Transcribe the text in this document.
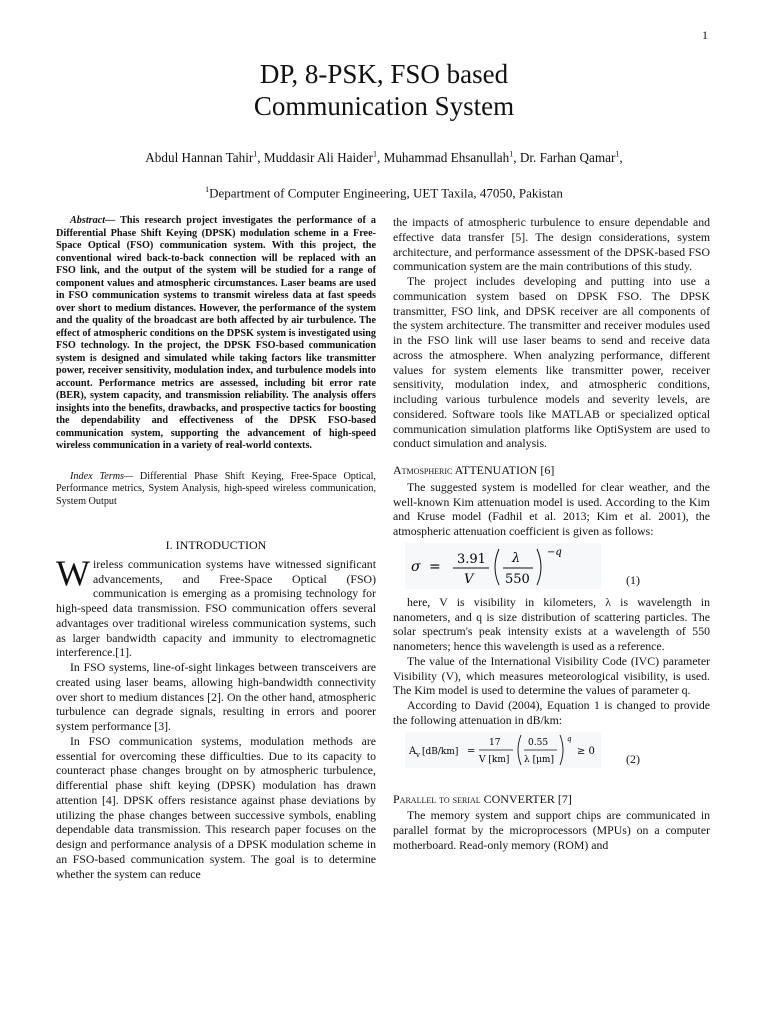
1
DP, 8-PSK, FSO based
Communication System
Abdul Hannan Tahir$^1$, Muddasir Ali Haider$^1$, Muhammad Ehsanullah$^1$, Dr. Farhan Qamar$^1$,
$^1$Department of Computer Engineering, UET Taxila, 47050, Pakistan

Abstract— This research project investigates the performance of a Differential Phase Shift Keying (DPSK) modulation scheme in a Free-Space Optical (FSO) communication system. With this project, the conventional wired back-to-back connection will be replaced with an FSO link, and the output of the system will be studied for a range of component values and atmospheric circumstances. Laser beams are used in FSO communication systems to transmit wireless data at fast speeds over short to medium distances. However, the performance of the system and the quality of the broadcast are both affected by air turbulence. The effect of atmospheric conditions on the DPSK system is investigated using FSO technology. In the project, the DPSK FSO-based communication system is designed and simulated while taking factors like transmitter power, receiver sensitivity, modulation index, and turbulence models into account. Performance metrics are assessed, including bit error rate (BER), system capacity, and transmission reliability. The analysis offers insights into the benefits, drawbacks, and prospective tactics for boosting the dependability and effectiveness of the DPSK FSO-based communication system, supporting the advancement of high-speed wireless communication in a variety of real-world contexts.

Index Terms— Differential Phase Shift Keying, Free-Space Optical, Performance metrics, System Analysis, high-speed wireless communication, System Output

I. INTRODUCTION

Wireless communication systems have witnessed significant advancements, and Free-Space Optical (FSO) communication is emerging as a promising technology for high-speed data transmission. FSO communication offers several advantages over traditional wireless communication systems, such as larger bandwidth capacity and immunity to electromagnetic interference.[1].

In FSO systems, line-of-sight linkages between transceivers are created using laser beams, allowing high-bandwidth connectivity over short to medium distances [2]. On the other hand, atmospheric turbulence can degrade signals, resulting in errors and poorer system performance [3].

In FSO communication systems, modulation methods are essential for overcoming these difficulties. Due to its capacity to counteract phase changes brought on by atmospheric turbulence, differential phase shift keying (DPSK) modulation has drawn attention [4]. DPSK offers resistance against phase deviations by utilizing the phase changes between successive symbols, enabling dependable data transmission. This research paper focuses on the design and performance analysis of a DPSK modulation scheme in an FSO-based communication system. The goal is to determine whether the system can reduce

the impacts of atmospheric turbulence to ensure dependable and effective data transfer [5]. The design considerations, system architecture, and performance assessment of the DPSK-based FSO communication system are the main contributions of this study.

The project includes developing and putting into use a communication system based on DPSK FSO. The DPSK transmitter, FSO link, and DPSK receiver are all components of the system architecture. The transmitter and receiver modules used in the FSO link will use laser beams to send and receive data across the atmosphere. When analyzing performance, different values for system elements like transmitter power, receiver sensitivity, modulation index, and atmospheric conditions, including various turbulence models and severity levels, are considered. Software tools like MATLAB or specialized optical communication simulation platforms like OptiSystem are used to conduct simulation and analysis.

Atmospheric ATTENUATION [6]

The suggested system is modelled for clear weather, and the well-known Kim attenuation model is used. According to the Kim and Kruse model (Fadhil et al. 2013; Kim et al. 2001), the atmospheric attenuation coefficient is given as follows:

σ = 3.91
V
λ
550
−q
(1)

here, V is visibility in kilometers, λ is wavelength in nanometers, and q is size distribution of scattering particles. The solar spectrum's peak intensity exists at a wavelength of 550 nanometers; hence this wavelength is used as a reference.

The value of the International Visibility Code (IVC) parameter Visibility (V), which measures meteorological visibility, is used. The Kim model is used to determine the values of parameter q.

According to David (2004), Equation 1 is changed to provide the following attenuation in dB/km:

A v [dB/km] =
17
V [km]
0.55
λ [μm]
q
≥ 0
(2)
Parallel to serial CONVERTER [7]

The memory system and support chips are communicated in parallel format by the microprocessors (MPUs) on a computer motherboard. Read-only memory (ROM) and
